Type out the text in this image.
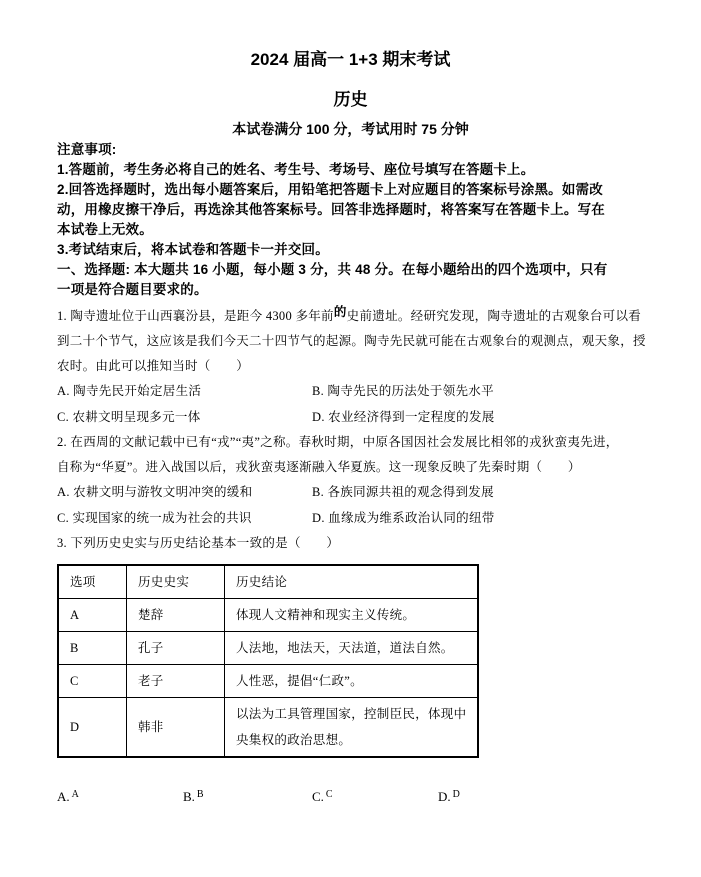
2024 届高一 1+3 期末考试
历史
本试卷满分 100 分，考试用时 75 分钟
注意事项:
1.答题前，考生务必将自己的姓名、考生号、考场号、座位号填写在答题卡上。
2.回答选择题时，选出每小题答案后，用铅笔把答题卡上对应题目的答案标号涂黑。如需改
动，用橡皮擦干净后，再选涂其他答案标号。回答非选择题时，将答案写在答题卡上。写在
本试卷上无效。
3.考试结束后，将本试卷和答题卡一并交回。
一、选择题: 本大题共 16 小题，每小题 3 分，共 48 分。在每小题给出的四个选项中，只有
一项是符合题目要求的。
1. 陶寺遗址位于山西襄汾县，是距今 4300 多年前的史前遗址。经研究发现，陶寺遗址的古观象台可以看
到二十个节气，这应该是我们今天二十四节气的起源。陶寺先民就可能在古观象台的观测点，观天象，授
农时。由此可以推知当时（　　）
A. 陶寺先民开始定居生活	B. 陶寺先民的历法处于领先水平
C. 农耕文明呈现多元一体	D. 农业经济得到一定程度的发展
2. 在西周的文献记载中已有“戎”“夷”之称。春秋时期，中原各国因社会发展比相邻的戎狄蛮夷先进，
自称为“华夏”。进入战国以后，戎狄蛮夷逐渐融入华夏族。这一现象反映了先秦时期（　　）
A. 农耕文明与游牧文明冲突的缓和	B. 各族同源共祖的观念得到发展
C. 实现国家的统一成为社会的共识	D. 血缘成为维系政治认同的纽带
3. 下列历史史实与历史结论基本一致的是（　　）
选项	历史史实	历史结论
A	楚辞	体现人文精神和现实主义传统。
B	孔子	人法地，地法天，天法道，道法自然。
C	老子	人性恶，提倡“仁政”。
D	韩非	以法为工具管理国家，控制臣民，体现中央集权的政治思想。
A. $^A$	B. $^B$	C. $^C$	D. $^D$
